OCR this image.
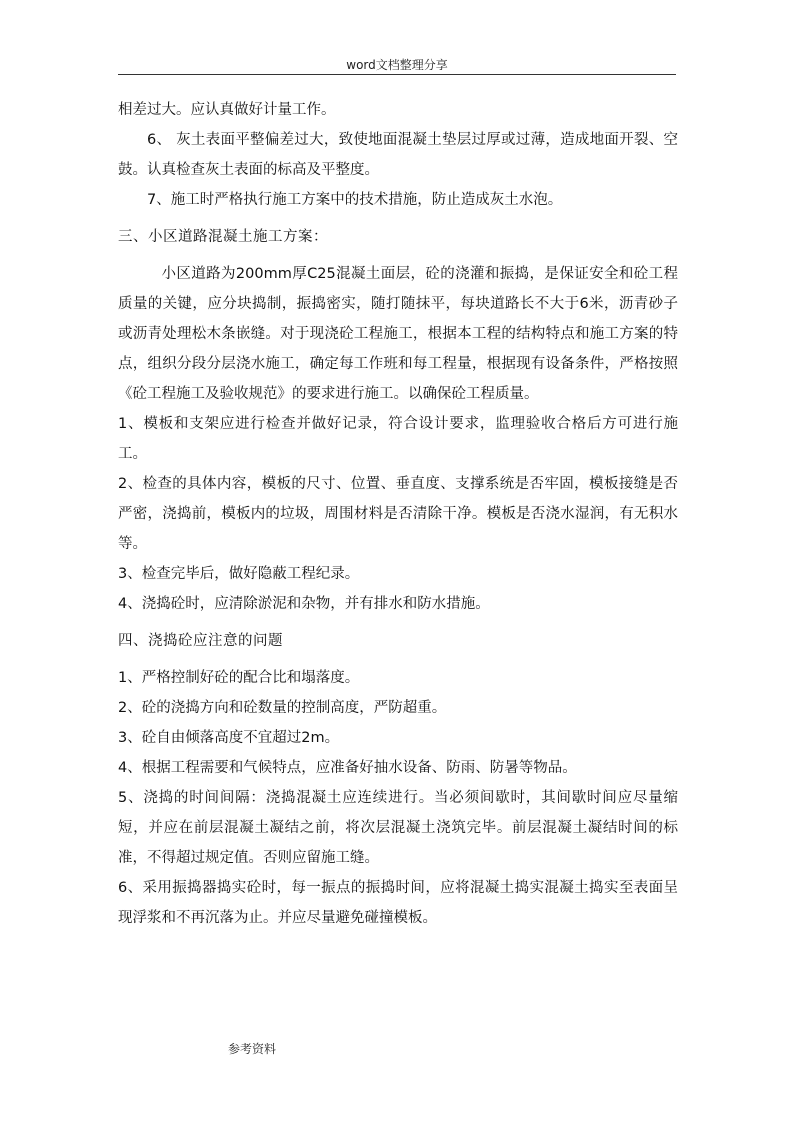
word文档整理分享

相差过大。应认真做好计量工作。

6、 灰土表面平整偏差过大，致使地面混凝土垫层过厚或过薄，造成地面开裂、空鼓。认真检查灰土表面的标高及平整度。

7、施工时严格执行施工方案中的技术措施，防止造成灰土水泡。

三、小区道路混凝土施工方案：

小区道路为200mm厚C25混凝土面层，砼的浇灌和振捣，是保证安全和砼工程质量的关键，应分块捣制，振捣密实，随打随抹平，每块道路长不大于6米，沥青砂子或沥青处理松木条嵌缝。对于现浇砼工程施工，根据本工程的结构特点和施工方案的特点，组织分段分层浇水施工，确定每工作班和每工程量，根据现有设备条件，严格按照《砼工程施工及验收规范》的要求进行施工。以确保砼工程质量。

1、模板和支架应进行检查并做好记录，符合设计要求，监理验收合格后方可进行施工。

2、检查的具体内容，模板的尺寸、位置、垂直度、支撑系统是否牢固，模板接缝是否严密，浇捣前，模板内的垃圾，周围材料是否清除干净。模板是否浇水湿润，有无积水等。

3、检查完毕后，做好隐蔽工程纪录。

4、浇捣砼时，应清除淤泥和杂物，并有排水和防水措施。

四、浇捣砼应注意的问题

1、严格控制好砼的配合比和塌落度。

2、砼的浇捣方向和砼数量的控制高度，严防超重。

3、砼自由倾落高度不宜超过2m。

4、根据工程需要和气候特点，应准备好抽水设备、防雨、防暑等物品。

5、浇捣的时间间隔：浇捣混凝土应连续进行。当必须间歇时，其间歇时间应尽量缩短，并应在前层混凝土凝结之前，将次层混凝土浇筑完毕。前层混凝土凝结时间的标准，不得超过规定值。否则应留施工缝。

6、采用振捣器捣实砼时，每一振点的振捣时间，应将混凝土捣实混凝土捣实至表面呈现浮浆和不再沉落为止。并应尽量避免碰撞模板。

参考资料
